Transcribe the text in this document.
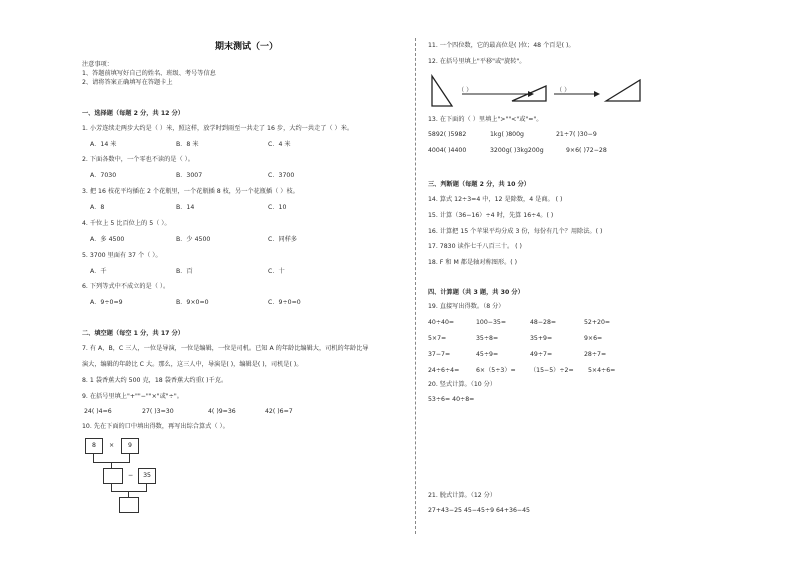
期末测试（一）
注意事项：
1、答题前填写好自己的姓名、班级、考号等信息
2、请将答案正确填写在答题卡上
一、选择题（每题 2 分，共 12 分）
1. 小芳连续走两步大约是（ ）米，照这样，放学时到雨至一共走了 16 步，大约一共走了（ ）米。
A．14 米	B．8 米	C．4 米
2. 下面各数中，一个零也不读的是（ ）。
A．7030	B．3007	C．3700
3. 把 16 枝花平均插在 2 个花瓶里，一个花瓶插 8 枝，另一个花瓶插（ ）枝。
A．8	B．14	C．10
4. 千位上 5 比百位上的 5（ ）。
A．多 4500	B．少 4500	C．同样多
5. 3700 里面有 37 个（ ）。
A．千	B．百	C．十
6. 下列等式中不成立的是（ ）。
A．9÷0=9	B．9×0=0	C．9÷0=0
二、填空题（每空 1 分，共 17 分）
7. 有 A，B，C 三人，一位是导演，一位是编辑，一位是司机。已知 A 的年龄比编辑大，司机的年龄比导
演大，编辑的年龄比 C 大。那么，这三人中，导演是( )，编辑是( )，司机是( )。
8. 1 袋香蕉大约 500 克，18 袋香蕉大约重( )千克。
9. 在括号里填上"+""−""×"或"÷"。
24( )4=6	27( )3=30	4( )9=36	42( )6=7
10. 先在下面的口中填出得数，再写出综合算式（ ）。
8	×	9
−	35
11. 一个四位数，它的最高位是( )位；48 个百是( )。
12. 在括号里填上"平移"或"旋转"。
（ ）	（ ）
13. 在下面的（ ）里填上">""<"或"="。
5892( )5982	1kg( )800g	21÷7( )30−9
4004( )4400	3200g( )3kg200g	9×6( )72−28
三、判断题（每题 2 分，共 10 分）
14. 算式 12÷3=4 中，12 是除数，4 是商。 ( )
15. 计算（36−16）÷4 时，先算 16÷4。( )
16. 计算把 15 个苹果平均分成 3 份，每份有几个？用除法。( )
17. 7830 读作七千八百三十。 ( )
18. F 和 M 都是轴对称图形。( )
四、计算题（共 3 题，共 30 分）
19. 直接写出得数。（8 分）
40÷40=	100−35=	48−28=	52+20=
5×7=	35÷8=	35+9=	9×6=
37−7=	45÷9=	49÷7=	28÷7=
24÷6÷4=	6×（5÷3）= （15−5）÷2= 5×4÷6=
20. 竖式计算。（10 分）
53÷6= 40÷8=
21. 脱式计算。（12 分）
27+43−25 45−45÷9 64+36−45
